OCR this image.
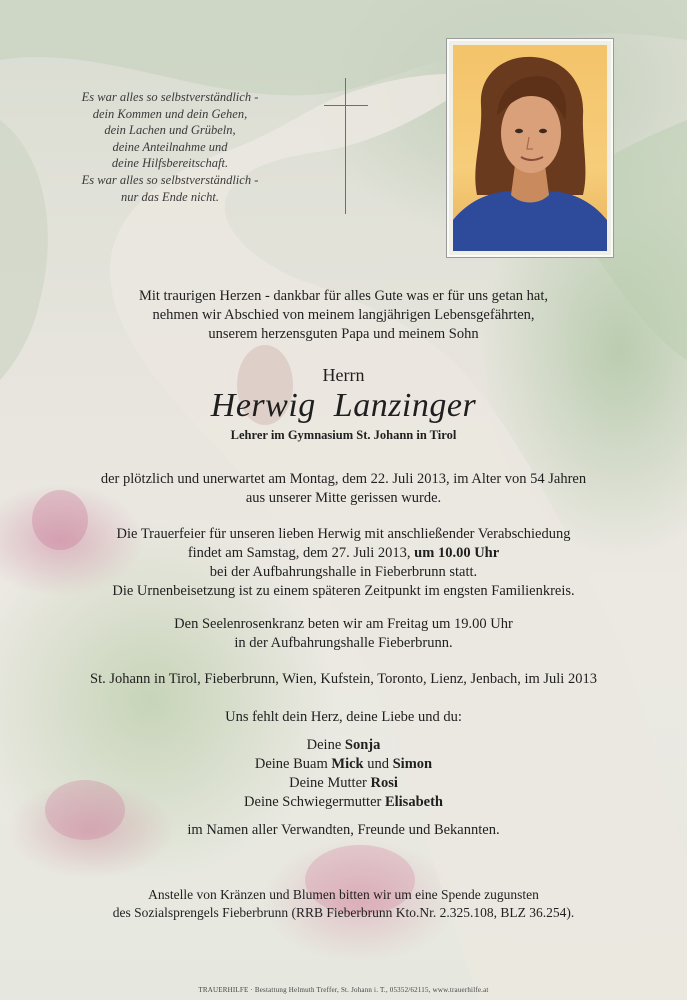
Es war alles so selbstverständlich -
dein Kommen und dein Gehen,
dein Lachen und Grübeln,
deine Anteilnahme und
deine Hilfsbereitschaft.
Es war alles so selbstverständlich -
nur das Ende nicht.
Mit traurigen Herzen - dankbar für alles Gute was er für uns getan hat,
nehmen wir Abschied von meinem langjährigen Lebensgefährten,
unserem herzensguten Papa und meinem Sohn
Herrn
Herwig  Lanzinger
Lehrer im Gymnasium St. Johann in Tirol
der plötzlich und unerwartet am Montag, dem 22. Juli 2013, im Alter von 54 Jahren
aus unserer Mitte gerissen wurde.
Die Trauerfeier für unseren lieben Herwig mit anschließender Verabschiedung
findet am Samstag, dem 27. Juli 2013, um 10.00 Uhr
bei der Aufbahrungshalle in Fieberbrunn statt.
Die Urnenbeisetzung ist zu einem späteren Zeitpunkt im engsten Familienkreis.
Den Seelenrosenkranz beten wir am Freitag um 19.00 Uhr
in der Aufbahrungshalle Fieberbrunn.
St. Johann in Tirol, Fieberbrunn, Wien, Kufstein, Toronto, Lienz, Jenbach, im Juli 2013
Uns fehlt dein Herz, deine Liebe und du:
Deine Sonja
Deine Buam Mick und Simon
Deine Mutter Rosi
Deine Schwiegermutter Elisabeth
im Namen aller Verwandten, Freunde und Bekannten.
Anstelle von Kränzen und Blumen bitten wir um eine Spende zugunsten
des Sozialsprengels Fieberbrunn (RRB Fieberbrunn Kto.Nr. 2.325.108, BLZ 36.254).
TRAUERHILFE · Bestattung Helmuth Treffer, St. Johann i. T., 05352/62115, www.trauerhilfe.at
